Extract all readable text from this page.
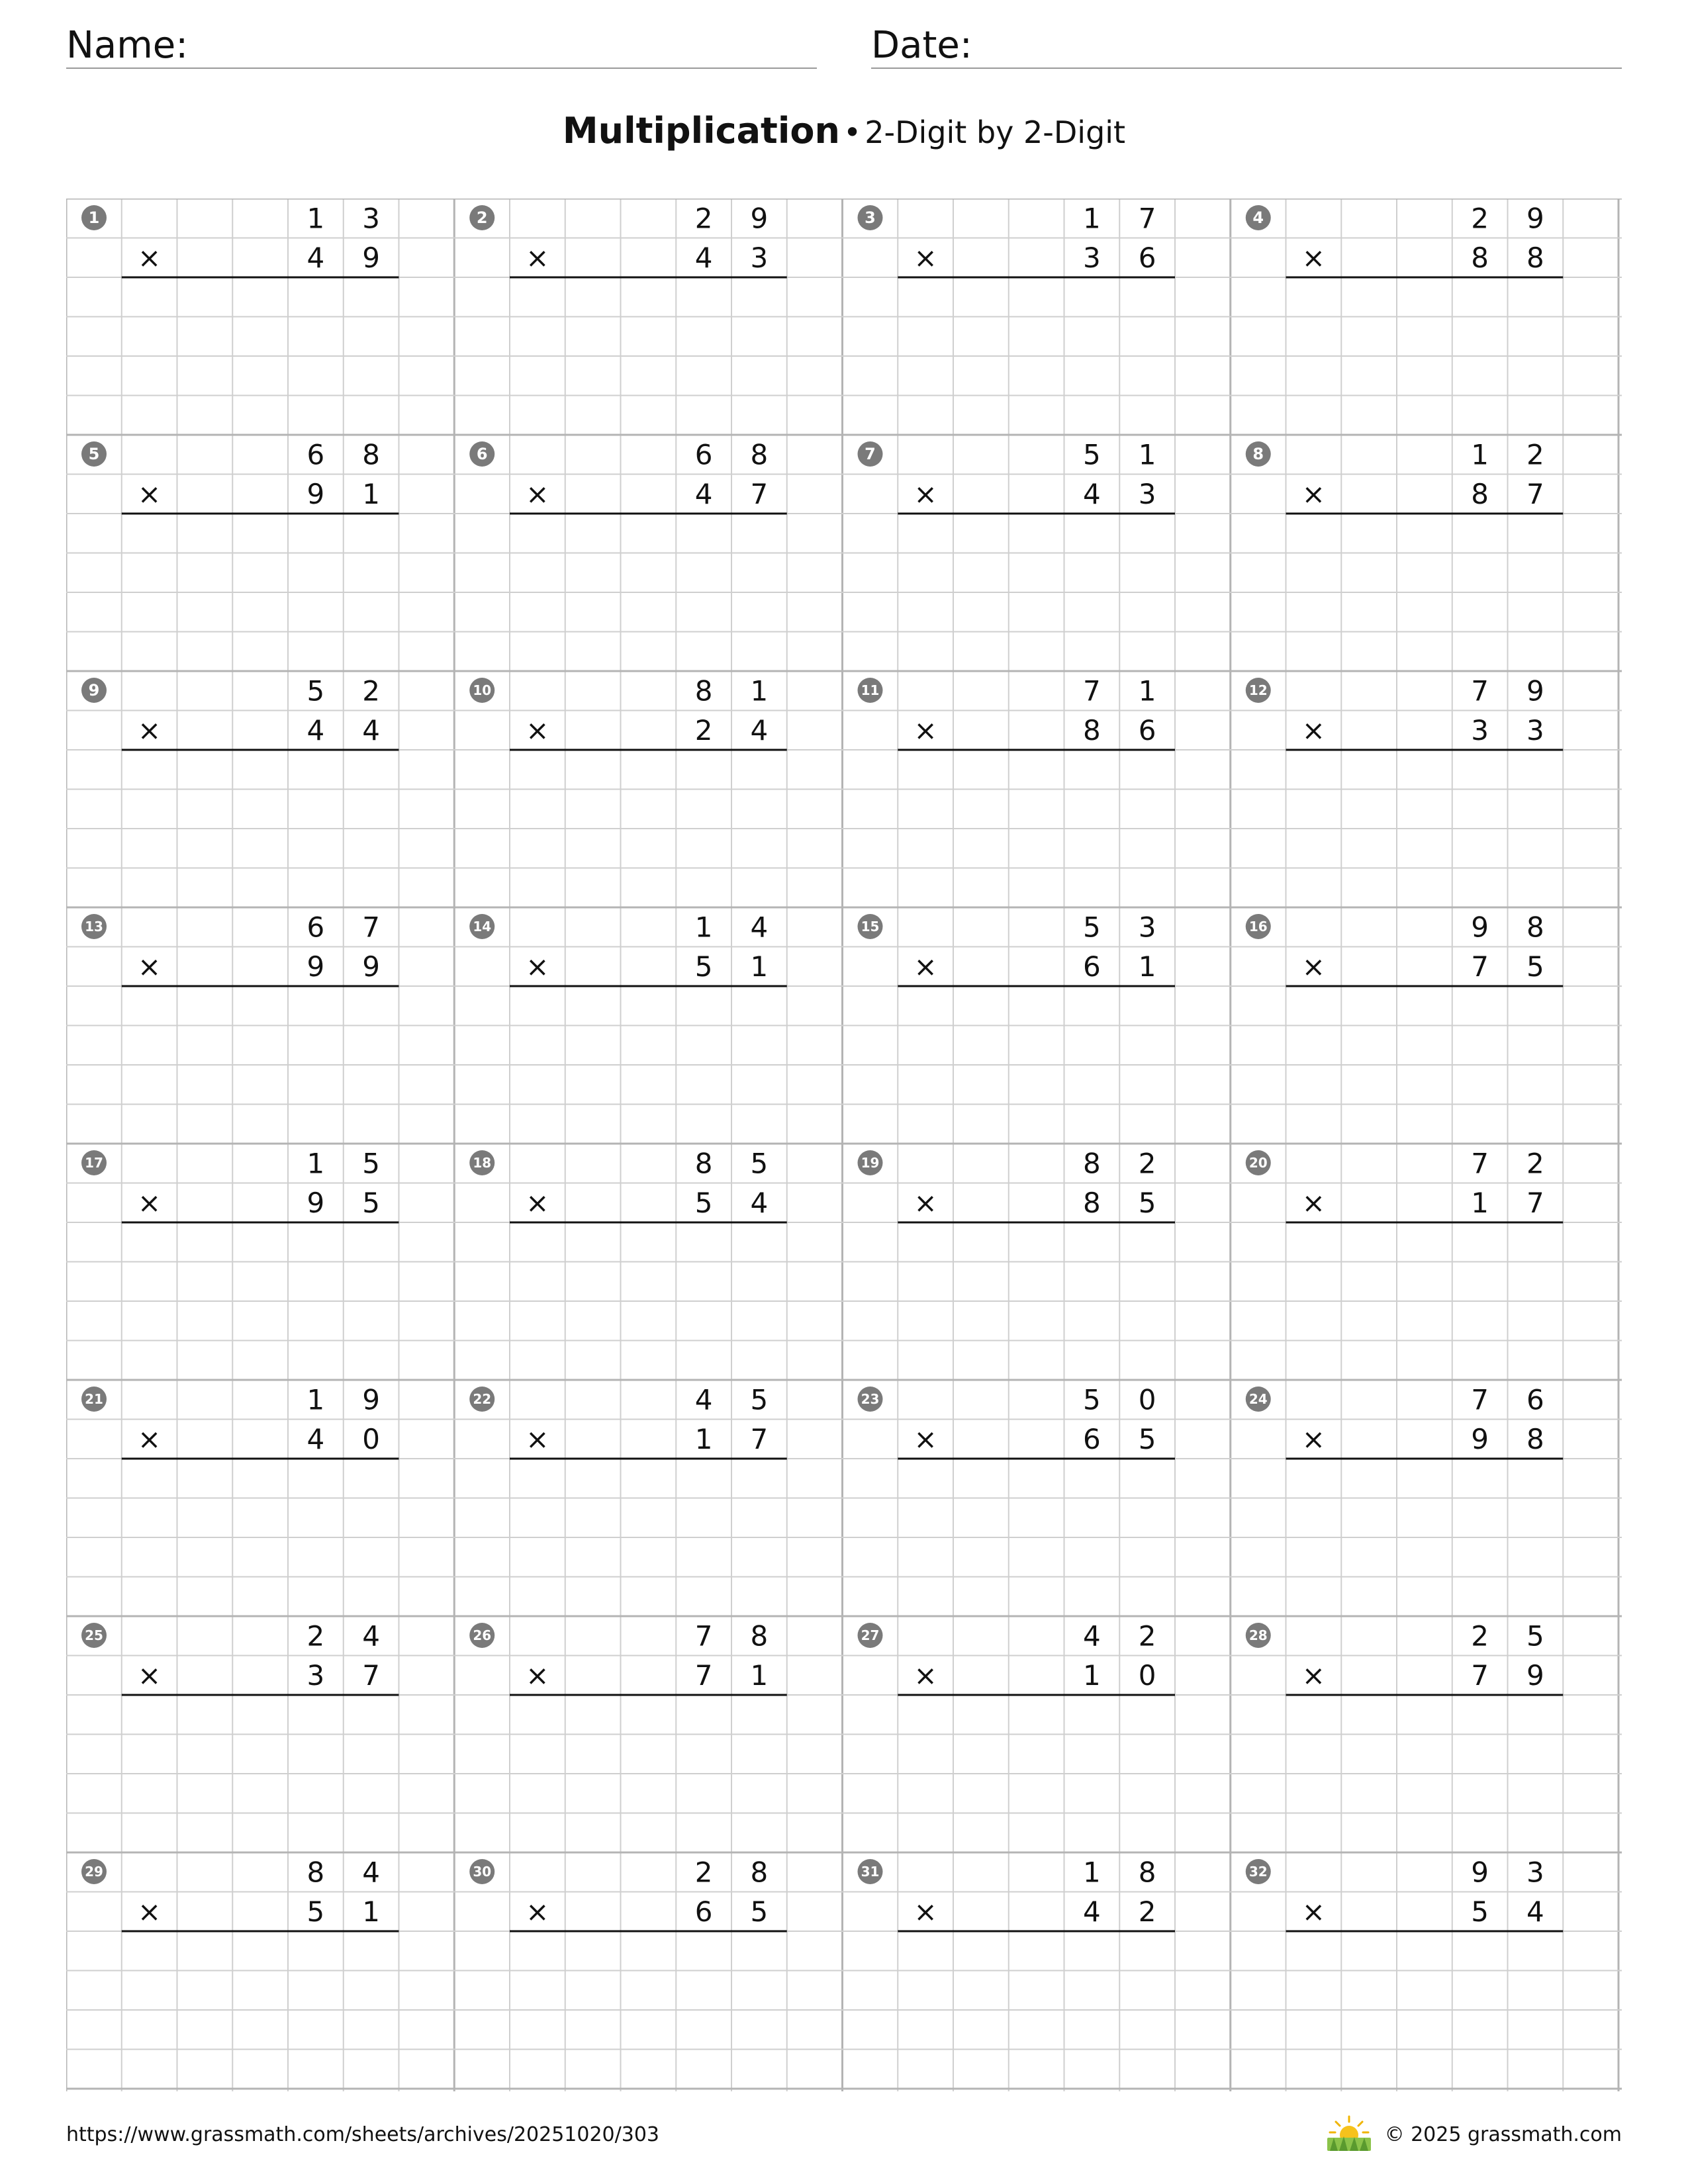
Name:	Date:
Multiplication • 2-Digit by 2-Digit
1	1 3
×	4 9
2	2 9
×	4 3
3	1 7
×	3 6
4	2 9
×	8 8
5	6 8
×	9 1
6	6 8
×	4 7
7	5 1
×	4 3
8	1 2
×	8 7
9	5 2
×	4 4
10	8 1
×	2 4
11	7 1
×	8 6
12	7 9
×	3 3
13	6 7
×	9 9
14	1 4
×	5 1
15	5 3
×	6 1
16	9 8
×	7 5
17	1 5
×	9 5
18	8 5
×	5 4
19	8 2
×	8 5
20	7 2
×	1 7
21	1 9
×	4 0
22	4 5
×	1 7
23	5 0
×	6 5
24	7 6
×	9 8
25	2 4
×	3 7
26	7 8
×	7 1
27	4 2
×	1 0
28	2 5
×	7 9
29	8 4
×	5 1
30	2 8
×	6 5
31	1 8
×	4 2
32	9 3
×	5 4
https://www.grassmath.com/sheets/archives/20251020/303	© 2025 grassmath.com
